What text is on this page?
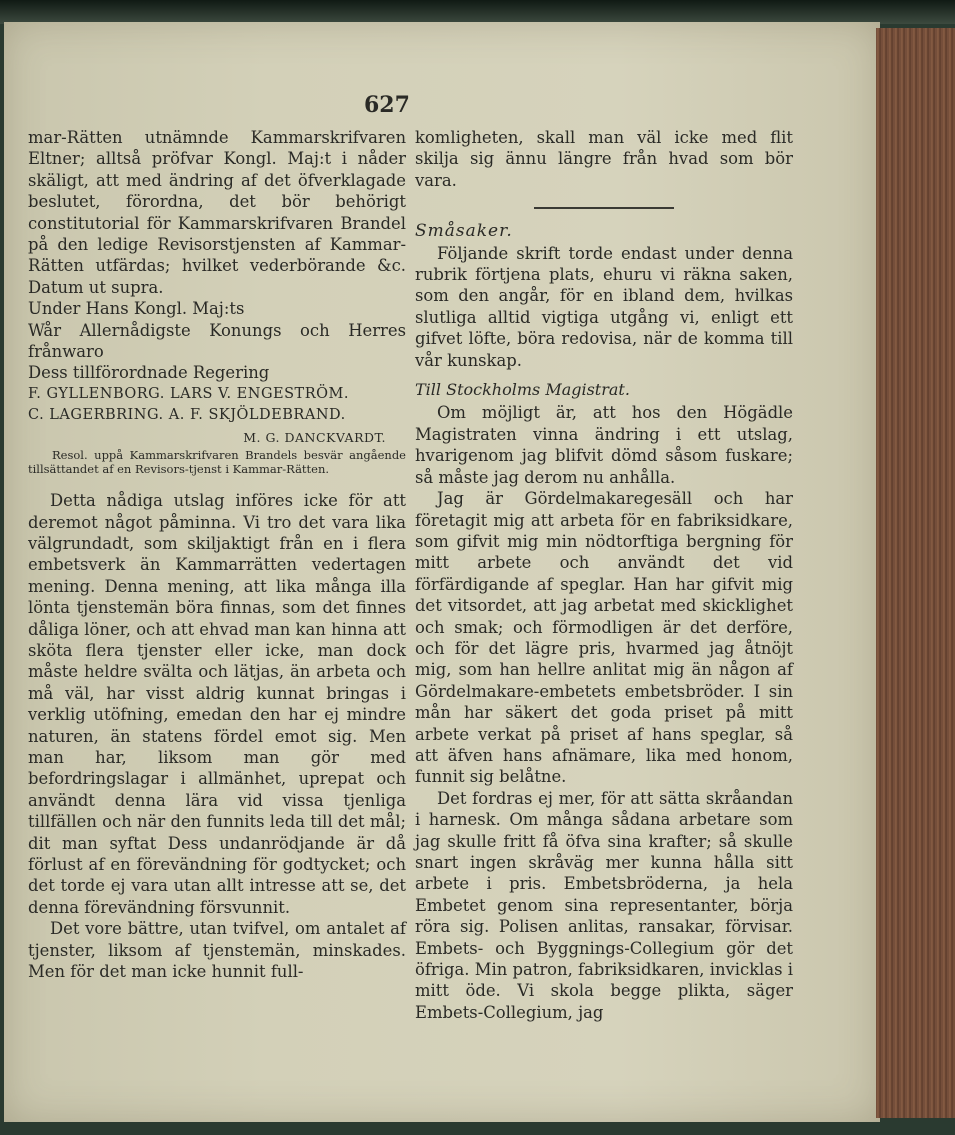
627

mar-Rätten utnämnde Kammarskrifvaren Eltner; alltså pröfvar Kongl. Maj:t i nåder skäligt, att med ändring af det öfverklagade beslutet, förordna, det bör behörigt constitutorial för Kammarskrifvaren Brandel på den ledige Revisorstjensten af Kammar-Rätten utfärdas; hvilket vederbörande &c. Datum ut supra.

Under Hans Kongl. Maj:ts

Wår Allernådigste Konungs och Herres frånwaro

Dess tillförordnade Regering

F. GYLLENBORG. LARS V. ENGESTRÖM.

C. LAGERBRING. A. F. SKJÖLDEBRAND.

M. G. DANCKVARDT.

Resol. uppå Kammarskrifvaren Brandels besvär angående tillsättandet af en Revisors-tjenst i Kammar-Rätten.

Detta nådiga utslag införes icke för att deremot något påminna. Vi tro det vara lika välgrundadt, som skiljaktigt från en i flera embetsverk än Kammarrätten vedertagen mening. Denna mening, att lika många illa lönta tjenstemän böra finnas, som det finnes dåliga löner, och att ehvad man kan hinna att sköta flera tjenster eller icke, man dock måste heldre svälta och lätjas, än arbeta och må väl, har visst aldrig kunnat bringas i verklig utöfning, emedan den har ej mindre naturen, än statens fördel emot sig. Men man har, liksom man gör med befordringslagar i allmänhet, uprepat och användt denna lära vid vissa tjenliga tillfällen och när den funnits leda till det mål; dit man syftat Dess undanrödjande är då förlust af en förevändning för godtycket; och det torde ej vara utan allt intresse att se, det denna förevändning försvunnit.

Det vore bättre, utan tvifvel, om antalet af tjenster, liksom af tjenstemän, minskades. Men för det man icke hunnit full-

komligheten, skall man väl icke med flit skilja sig ännu längre från hvad som bör vara.

Småsaker.

Följande skrift torde endast under denna rubrik förtjena plats, ehuru vi räkna saken, som den angår, för en ibland dem, hvilkas slutliga alltid vigtiga utgång vi, enligt ett gifvet löfte, böra redovisa, när de komma till vår kunskap.

Till Stockholms Magistrat.

Om möjligt är, att hos den Högädle Magistraten vinna ändring i ett utslag, hvarigenom jag blifvit dömd såsom fuskare; så måste jag derom nu anhålla.

Jag är Gördelmakaregesäll och har företagit mig att arbeta för en fabriksidkare, som gifvit mig min nödtorftiga bergning för mitt arbete och användt det vid förfärdigande af speglar. Han har gifvit mig det vitsordet, att jag arbetat med skicklighet och smak; och förmodligen är det derföre, och för det lägre pris, hvarmed jag åtnöjt mig, som han hellre anlitat mig än någon af Gördelmakare-embetets embetsbröder. I sin mån har säkert det goda priset på mitt arbete verkat på priset af hans speglar, så att äfven hans afnämare, lika med honom, funnit sig belåtne.

Det fordras ej mer, för att sätta skråandan i harnesk. Om många sådana arbetare som jag skulle fritt få öfva sina krafter; så skulle snart ingen skråväg mer kunna hålla sitt arbete i pris. Embetsbröderna, ja hela Embetet genom sina representanter, börja röra sig. Polisen anlitas, ransakar, förvisar. Embets- och Byggnings-Collegium gör det öfriga. Min patron, fabriksidkaren, invicklas i mitt öde. Vi skola begge plikta, säger Embets-Collegium, jag
